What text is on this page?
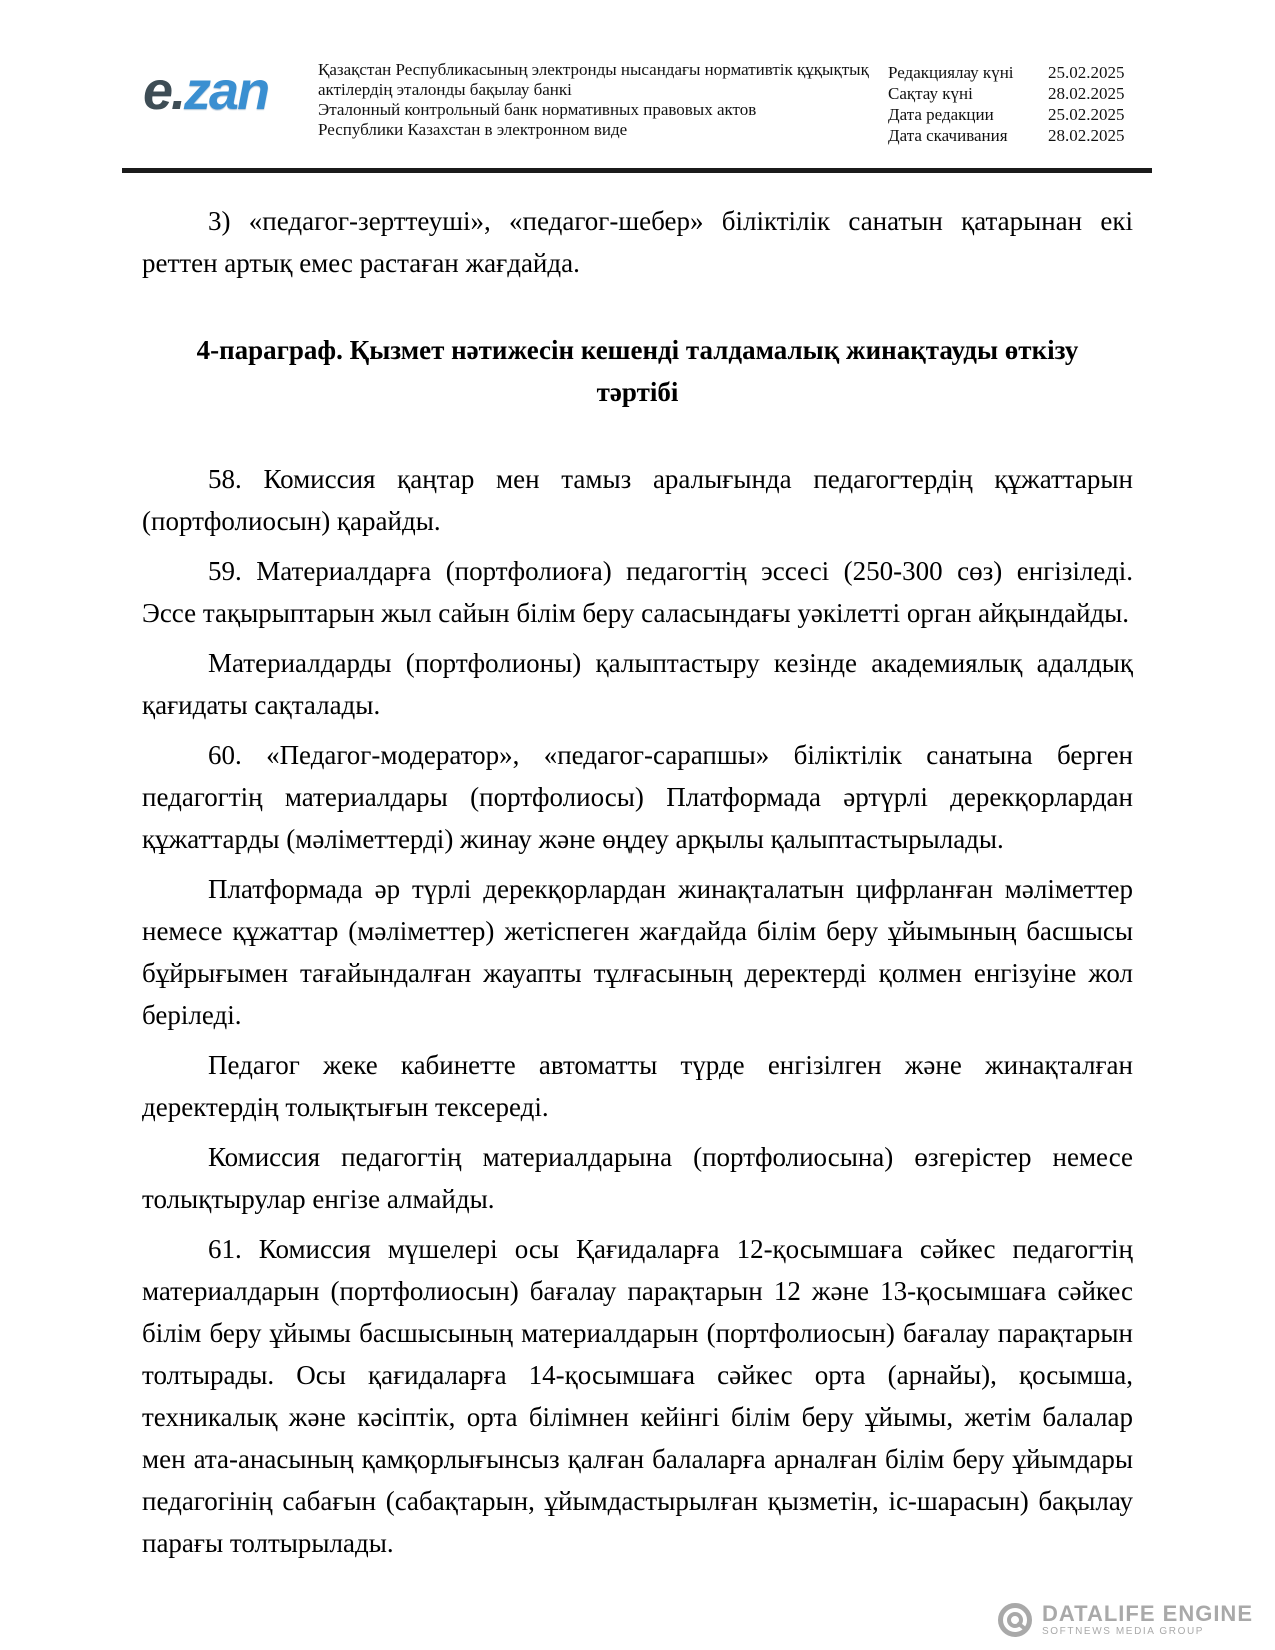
e.zan	Қазақстан Республикасының электронды нысандағы нормативтік құқықтық
актілердің эталонды бақылау банкі
Эталонный контрольный банк нормативных правовых актов
Республики Казахстан в электронном виде
Редакциялау күні	25.02.2025
Сақтау күні	28.02.2025
Дата редакции	25.02.2025
Дата скачивания	28.02.2025

3) «педагог-зерттеуші», «педагог-шебер» біліктілік санатын қатарынан екі реттен артық емес растаған жағдайда.

4-параграф. Қызмет нәтижесін кешенді талдамалық жинақтауды өткізу тәртібі

58. Комиссия қаңтар мен тамыз аралығында педагогтердің құжаттарын (портфолиосын) қарайды.

59. Материалдарға (портфолиоға) педагогтің эссесі (250-300 сөз) енгізіледі. Эссе тақырыптарын жыл сайын білім беру саласындағы уәкілетті орган айқындайды.

Материалдарды (портфолионы) қалыптастыру кезінде академиялық адалдық қағидаты сақталады.

60. «Педагог-модератор», «педагог-сарапшы» біліктілік санатына берген педагогтің материалдары (портфолиосы) Платформада әртүрлі дерекқорлардан құжаттарды (мәліметтерді) жинау және өңдеу арқылы қалыптастырылады.

Платформада әр түрлі дерекқорлардан жинақталатын цифрланған мәліметтер немесе құжаттар (мәліметтер) жетіспеген жағдайда білім беру ұйымының басшысы бұйрығымен тағайындалған жауапты тұлғасының деректерді қолмен енгізуіне жол беріледі.

Педагог жеке кабинетте автоматты түрде енгізілген және жинақталған деректердің толықтығын тексереді.

Комиссия педагогтің материалдарына (портфолиосына) өзгерістер немесе толықтырулар енгізе алмайды.

61. Комиссия мүшелері осы Қағидаларға 12-қосымшаға сәйкес педагогтің материалдарын (портфолиосын) бағалау парақтарын 12 және 13-қосымшаға сәйкес білім беру ұйымы басшысының материалдарын (портфолиосын) бағалау парақтарын толтырады. Осы қағидаларға 14-қосымшаға сәйкес орта (арнайы), қосымша, техникалық және кәсіптік, орта білімнен кейінгі білім беру ұйымы, жетім балалар мен ата-анасының қамқорлығынсыз қалған балаларға арналған білім беру ұйымдары педагогінің сабағын (сабақтарын, ұйымдастырылған қызметін, іс-шарасын) бақылау парағы толтырылады.

DATALIFE ENGINE
SOFTNEWS MEDIA GROUP
